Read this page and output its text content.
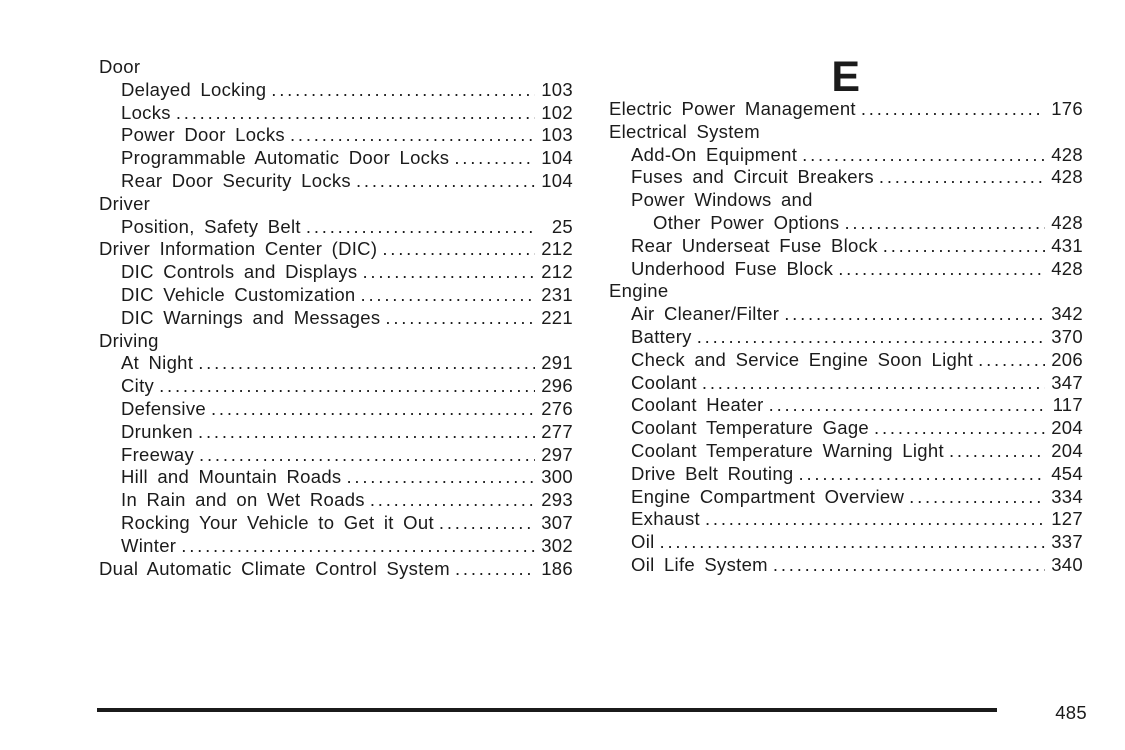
Door
Delayed Locking .....	103
Locks .....	102
Power Door Locks .....	103
Programmable Automatic Door Locks .....	104
Rear Door Security Locks .....	104
Driver
Position, Safety Belt .....	25
Driver Information Center (DIC) .....	212
DIC Controls and Displays .....	212
DIC Vehicle Customization .....	231
DIC Warnings and Messages .....	221
Driving
At Night .....	291
City .....	296
Defensive .....	276
Drunken .....	277
Freeway .....	297
Hill and Mountain Roads .....	300
In Rain and on Wet Roads .....	293
Rocking Your Vehicle to Get it Out .....	307
Winter .....	302
Dual Automatic Climate Control System .....	186
E
Electric Power Management .....	176
Electrical System
Add-On Equipment .....	428
Fuses and Circuit Breakers .....	428
Power Windows and
Other Power Options .....	428
Rear Underseat Fuse Block .....	431
Underhood Fuse Block .....	428
Engine
Air Cleaner/Filter .....	342
Battery .....	370
Check and Service Engine Soon Light .....	206
Coolant .....	347
Coolant Heater .....	117
Coolant Temperature Gage .....	204
Coolant Temperature Warning Light .....	204
Drive Belt Routing .....	454
Engine Compartment Overview .....	334
Exhaust .....	127
Oil .....	337
Oil Life System .....	340
485
